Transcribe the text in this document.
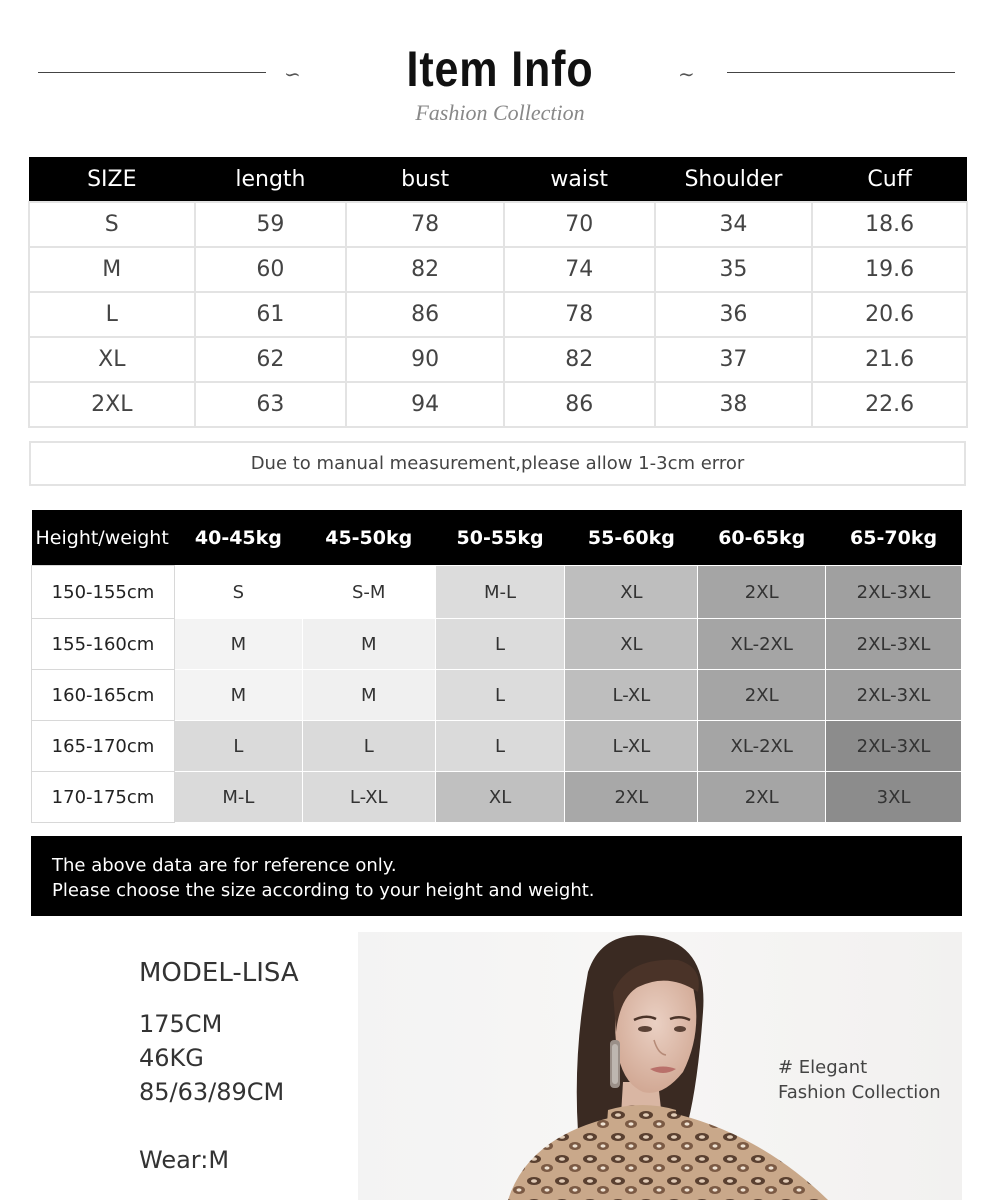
∽	Item Info
Fashion Collection
∼
SIZE	length	bust	waist	Shoulder	Cuff
S	59	78	70	34	18.6
M	60	82	74	35	19.6
L	61	86	78	36	20.6
XL	62	90	82	37	21.6
2XL	63	94	86	38	22.6
Due to manual measurement,please allow 1-3cm error
Height/weight	40-45kg	45-50kg	50-55kg	55-60kg	60-65kg	65-70kg
150-155cm	S	S-M	M-L	XL	2XL	2XL-3XL
155-160cm	M	M	L	XL	XL-2XL	2XL-3XL
160-165cm	M	M	L	L-XL	2XL	2XL-3XL
165-170cm	L	L	L	L-XL	XL-2XL	2XL-3XL
170-175cm	M-L	L-XL	XL	2XL	2XL	3XL
The above data are for reference only.
Please choose the size according to your height and weight.
MODEL-LISA
175CM
46KG
85/63/89CM
Wear:M
# Elegant
Fashion Collection
